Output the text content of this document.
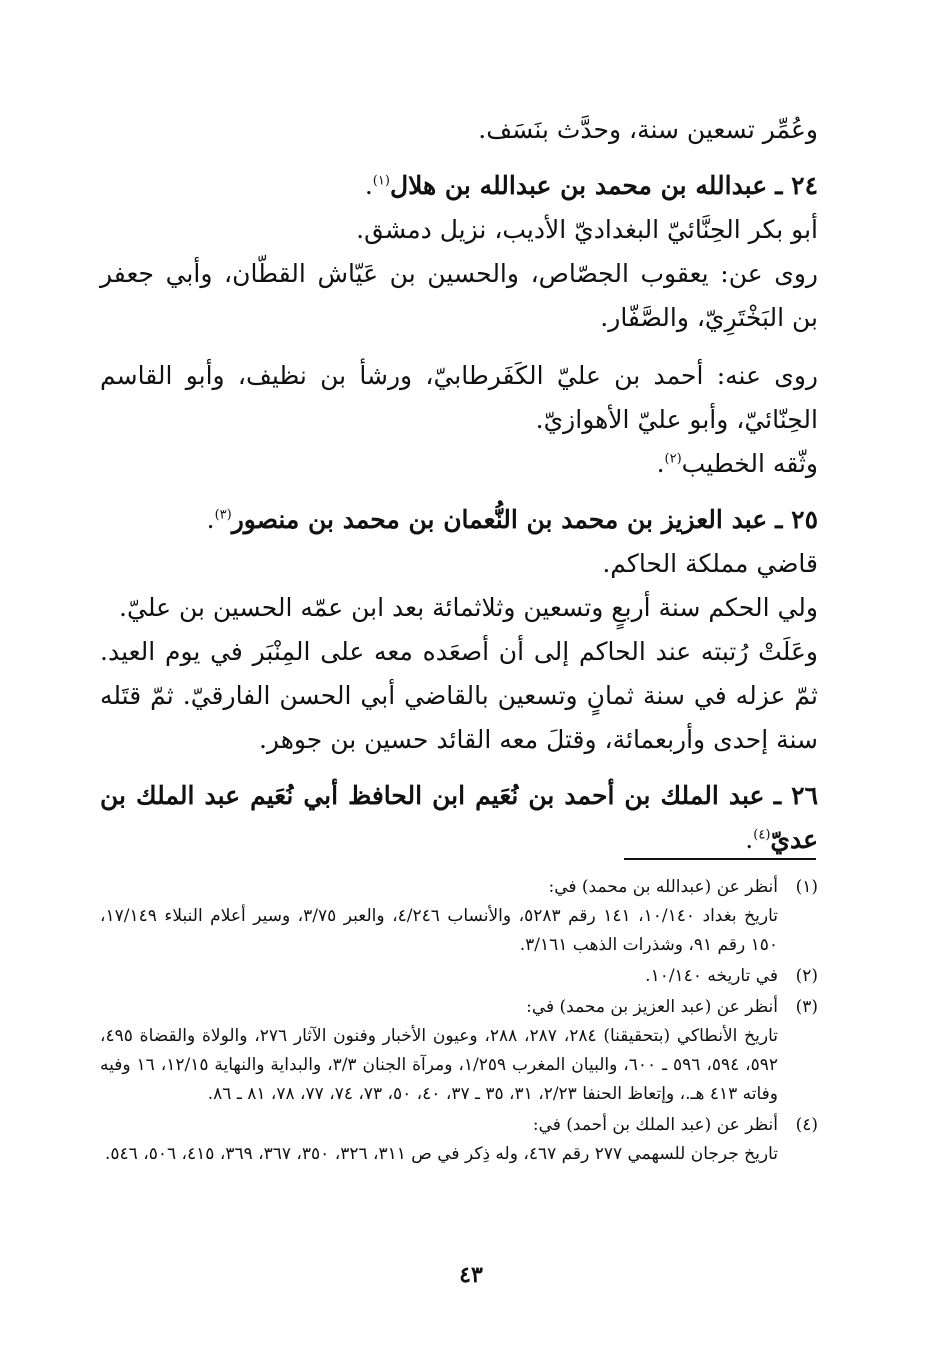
وعُمِّر تسعين سنة، وحدَّث بنَسَف.

٢٤ ـ عبدالله بن محمد بن عبدالله بن هلال$^{(١)}$.

أبو بكر الحِنَّائيّ البغداديّ الأديب، نزيل دمشق.

روى عن: يعقوب الجصّاص، والحسين بن عَيّاش القطّان، وأبي جعفر بن البَخْتَرِيّ، والصَّفّار.

روى عنه: أحمد بن عليّ الكَفَرطابيّ، ورشأ بن نظيف، وأبو القاسم الحِنّائيّ، وأبو عليّ الأهوازيّ.

وثّقه الخطيب$^{(٢)}$.

٢٥ ـ عبد العزيز بن محمد بن النُّعمان بن محمد بن منصور$^{(٣)}$.

قاضي مملكة الحاكم.

ولي الحكم سنة أربعٍ وتسعين وثلاثمائة بعد ابن عمّه الحسين بن عليّ.

وعَلَتْ رُتبته عند الحاكم إلى أن أصعَده معه على المِنْبَر في يوم العيد. ثمّ عزله في سنة ثمانٍ وتسعين بالقاضي أبي الحسن الفارقيّ. ثمّ قتَله سنة إحدى وأربعمائة، وقتلَ معه القائد حسين بن جوهر.

٢٦ ـ عبد الملك بن أحمد بن نُعَيم ابن الحافظ أبي نُعَيم عبد الملك بن عديّ$^{(٤)}$.

(١)

أنظر عن (عبدالله بن محمد) في:

تاريخ بغداد ١٠/١٤٠، ١٤١ رقم ٥٢٨٣، والأنساب ٤/٢٤٦، والعبر ٣/٧٥، وسير أعلام النبلاء ١٧/١٤٩، ١٥٠ رقم ٩١، وشذرات الذهب ٣/١٦١.

(٢)

في تاريخه ١٠/١٤٠.

(٣)

أنظر عن (عبد العزيز بن محمد) في:

تاريخ الأنطاكي (بتحقيقنا) ٢٨٤، ٢٨٧، ٢٨٨، وعيون الأخبار وفنون الآثار ٢٧٦، والولاة والقضاة ٤٩٥، ٥٩٢، ٥٩٤، ٥٩٦ ـ ٦٠٠، والبيان المغرب ١/٢٥٩، ومرآة الجنان ٣/٣، والبداية والنهاية ١٢/١٥، ١٦ وفيه وفاته ٤١٣ هـ.، وإتعاظ الحنفا ٢/٢٣، ٣١، ٣٥ ـ ٣٧، ٤٠، ٥٠، ٧٣، ٧٤، ٧٧، ٧٨، ٨١ ـ ٨٦.

(٤)

أنظر عن (عبد الملك بن أحمد) في:

تاريخ جرجان للسهمي ٢٧٧ رقم ٤٦٧، وله ذِكر في ص ٣١١، ٣٢٦، ٣٥٠، ٣٦٧، ٣٦٩، ٤١٥، ٥٠٦، ٥٤٦.

٤٣
